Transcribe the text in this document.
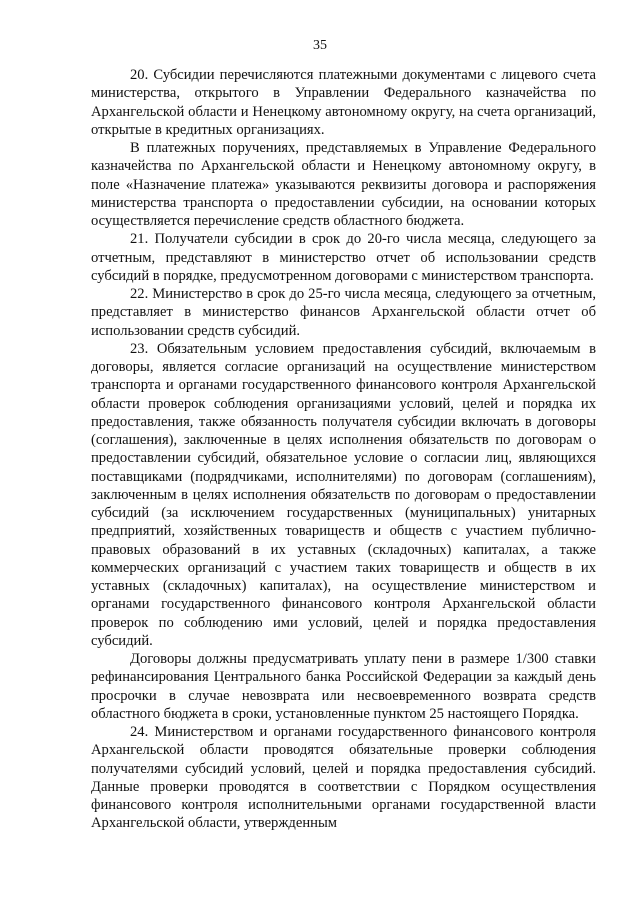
35

20. Субсидии перечисляются платежными документами с лицевого счета министерства, открытого в Управлении Федерального казначейства по Архангельской области и Ненецкому автономному округу, на счета организаций, открытые в кредитных организациях.

В платежных поручениях, представляемых в Управление Федерального казначейства по Архангельской области и Ненецкому автономному округу, в поле «Назначение платежа» указываются реквизиты договора и распоряжения министерства транспорта о предоставлении субсидии, на основании которых осуществляется перечисление средств областного бюджета.

21. Получатели субсидии в срок до 20-го числа месяца, следующего за отчетным, представляют в министерство отчет об использовании средств субсидий в порядке, предусмотренном договорами с министерством транспорта.

22. Министерство в срок до 25-го числа месяца, следующего за отчетным, представляет в министерство финансов Архангельской области отчет об использовании средств субсидий.

23. Обязательным условием предоставления субсидий, включаемым в договоры, является согласие организаций на осуществление министерством транспорта и органами государственного финансового контроля Архангельской области проверок соблюдения организациями условий, целей и порядка их предоставления, также обязанность получателя субсидии включать в договоры (соглашения), заключенные в целях исполнения обязательств по договорам о предоставлении субсидий, обязательное условие о согласии лиц, являющихся поставщиками (подрядчиками, исполнителями) по договорам (соглашениям), заключенным в целях исполнения обязательств по договорам о предоставлении субсидий (за исключением государственных (муниципальных) унитарных предприятий, хозяйственных товариществ и обществ с участием публично-правовых образований в их уставных (складочных) капиталах, а также коммерческих организаций с участием таких товариществ и обществ в их уставных (складочных) капиталах), на осуществление министерством и органами государственного финансового контроля Архангельской области проверок по соблюдению ими условий, целей и порядка предоставления субсидий.

Договоры должны предусматривать уплату пени в размере 1/300 ставки рефинансирования Центрального банка Российской Федерации за каждый день просрочки в случае невозврата или несвоевременного возврата средств областного бюджета в сроки, установленные пунктом 25 настоящего Порядка.

24. Министерством и органами государственного финансового контроля Архангельской области проводятся обязательные проверки соблюдения получателями субсидий условий, целей и порядка предоставления субсидий. Данные проверки проводятся в соответствии с Порядком осуществления финансового контроля исполнительными органами государственной власти Архангельской области, утвержденным
